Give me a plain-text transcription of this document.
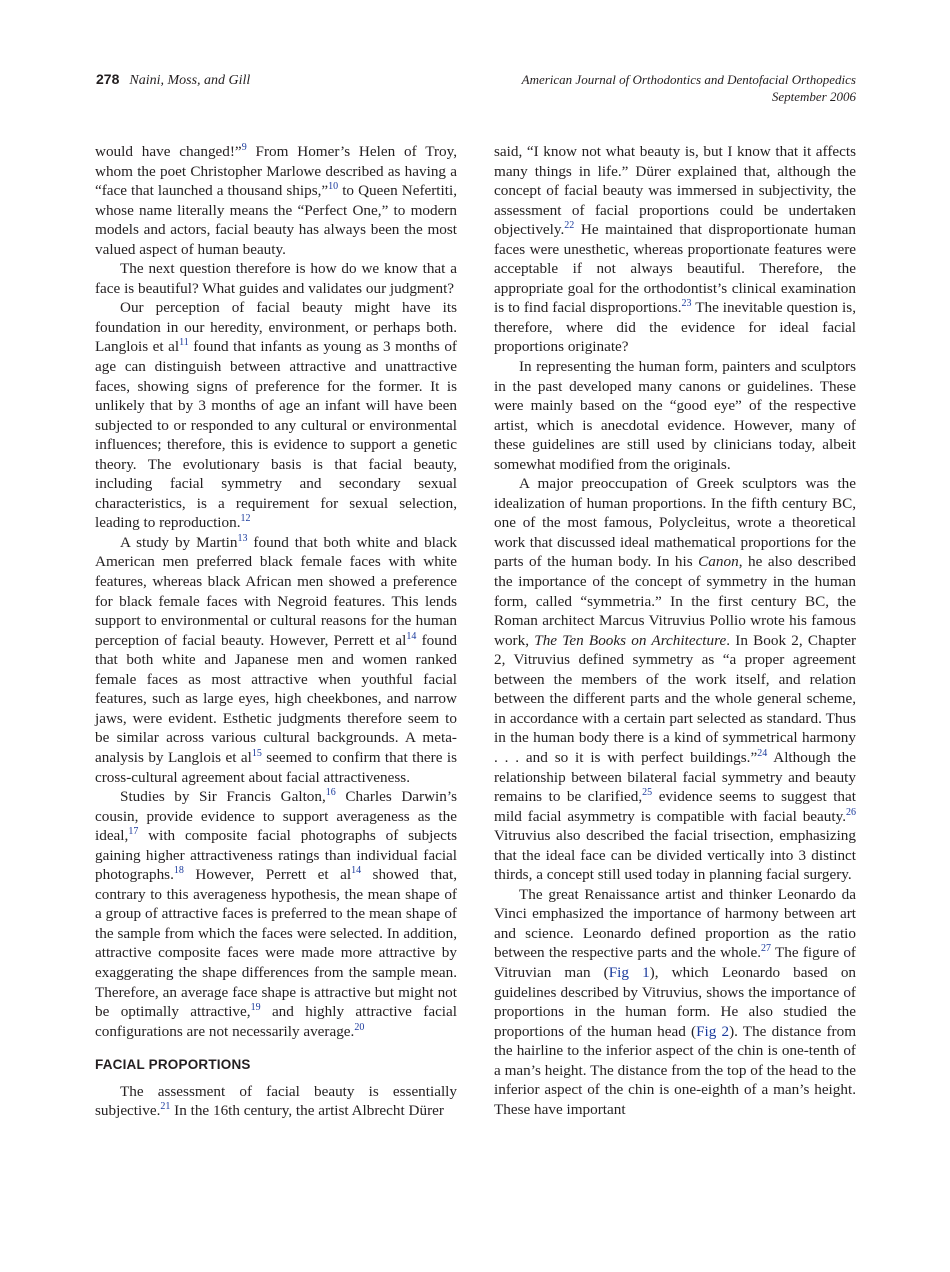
278 Naini, Moss, and Gill	American Journal of Orthodontics and Dentofacial Orthopedics
September 2006

would have changed!”$^9$ From Homer’s Helen of Troy, whom the poet Christopher Marlowe described as having a “face that launched a thousand ships,”$^{10}$ to Queen Nefertiti, whose name literally means the “Perfect One,” to modern models and actors, facial beauty has always been the most valued aspect of human beauty.

The next question therefore is how do we know that a face is beautiful? What guides and validates our judgment?

Our perception of facial beauty might have its foundation in our heredity, environment, or perhaps both. Langlois et $al^{11}$ found that infants as young as 3 months of age can distinguish between attractive and unattractive faces, showing signs of preference for the former. It is unlikely that by 3 months of age an infant will have been subjected to or responded to any cultural or environmental influences; therefore, this is evidence to support a genetic theory. The evolutionary basis is that facial beauty, including facial symmetry and secondary sexual characteristics, is a requirement for sexual selection, leading to reproduction.$^{12}$

A study by Martin$^{13}$ found that both white and black American men preferred black female faces with white features, whereas black African men showed a preference for black female faces with Negroid features. This lends support to environmental or cultural reasons for the human perception of facial beauty. However, Perrett et $al^{14}$ found that both white and Japanese men and women ranked female faces as most attractive when youthful facial features, such as large eyes, high cheekbones, and narrow jaws, were evident. Esthetic judgments therefore seem to be similar across various cultural backgrounds. A meta-analysis by Langlois et $al^{15}$ seemed to confirm that there is cross-cultural agreement about facial attractiveness.

Studies by Sir Francis Galton,$^{16}$ Charles Darwin’s cousin, provide evidence to support averageness as the ideal,$^{17}$ with composite facial photographs of subjects gaining higher attractiveness ratings than individual facial photographs.$^{18}$ However, Perrett et $al^{14}$ showed that, contrary to this averageness hypothesis, the mean shape of a group of attractive faces is preferred to the mean shape of the sample from which the faces were selected. In addition, attractive composite faces were made more attractive by exaggerating the shape differences from the sample mean. Therefore, an average face shape is attractive but might not be optimally attractive,$^{19}$ and highly attractive facial configurations are not necessarily average.$^{20}$

FACIAL PROPORTIONS

The assessment of facial beauty is essentially subjective.$^{21}$ In the 16th century, the artist Albrecht Dürer

said, “I know not what beauty is, but I know that it affects many things in life.” Dürer explained that, although the concept of facial beauty was immersed in subjectivity, the assessment of facial proportions could be undertaken objectively.$^{22}$ He maintained that disproportionate human faces were unesthetic, whereas proportionate features were acceptable if not always beautiful. Therefore, the appropriate goal for the orthodontist’s clinical examination is to find facial disproportions.$^{23}$ The inevitable question is, therefore, where did the evidence for ideal facial proportions originate?

In representing the human form, painters and sculptors in the past developed many canons or guidelines. These were mainly based on the “good eye” of the respective artist, which is anecdotal evidence. However, many of these guidelines are still used by clinicians today, albeit somewhat modified from the originals.

A major preoccupation of Greek sculptors was the idealization of human proportions. In the fifth century BC, one of the most famous, Polycleitus, wrote a theoretical work that discussed ideal mathematical proportions for the parts of the human body. In his Canon, he also described the importance of the concept of symmetry in the human form, called “symmetria.” In the first century BC, the Roman architect Marcus Vitruvius Pollio wrote his famous work, The Ten Books on Architecture. In Book 2, Chapter 2, Vitruvius defined symmetry as “a proper agreement between the members of the work itself, and relation between the different parts and the whole general scheme, in accordance with a certain part selected as standard. Thus in the human body there is a kind of symmetrical harmony . . . and so it is with perfect buildings.”$^{24}$ Although the relationship between bilateral facial symmetry and beauty remains to be clarified,$^{25}$ evidence seems to suggest that mild facial asymmetry is compatible with facial beauty.$^{26}$ Vitruvius also described the facial trisection, emphasizing that the ideal face can be divided vertically into 3 distinct thirds, a concept still used today in planning facial surgery.

The great Renaissance artist and thinker Leonardo da Vinci emphasized the importance of harmony between art and science. Leonardo defined proportion as the ratio between the respective parts and the whole.$^{27}$ The figure of Vitruvian man (Fig 1), which Leonardo based on guidelines described by Vitruvius, shows the importance of proportions in the human form. He also studied the proportions of the human head (Fig 2). The distance from the hairline to the inferior aspect of the chin is one-tenth of a man’s height. The distance from the top of the head to the inferior aspect of the chin is one-eighth of a man’s height. These have important
